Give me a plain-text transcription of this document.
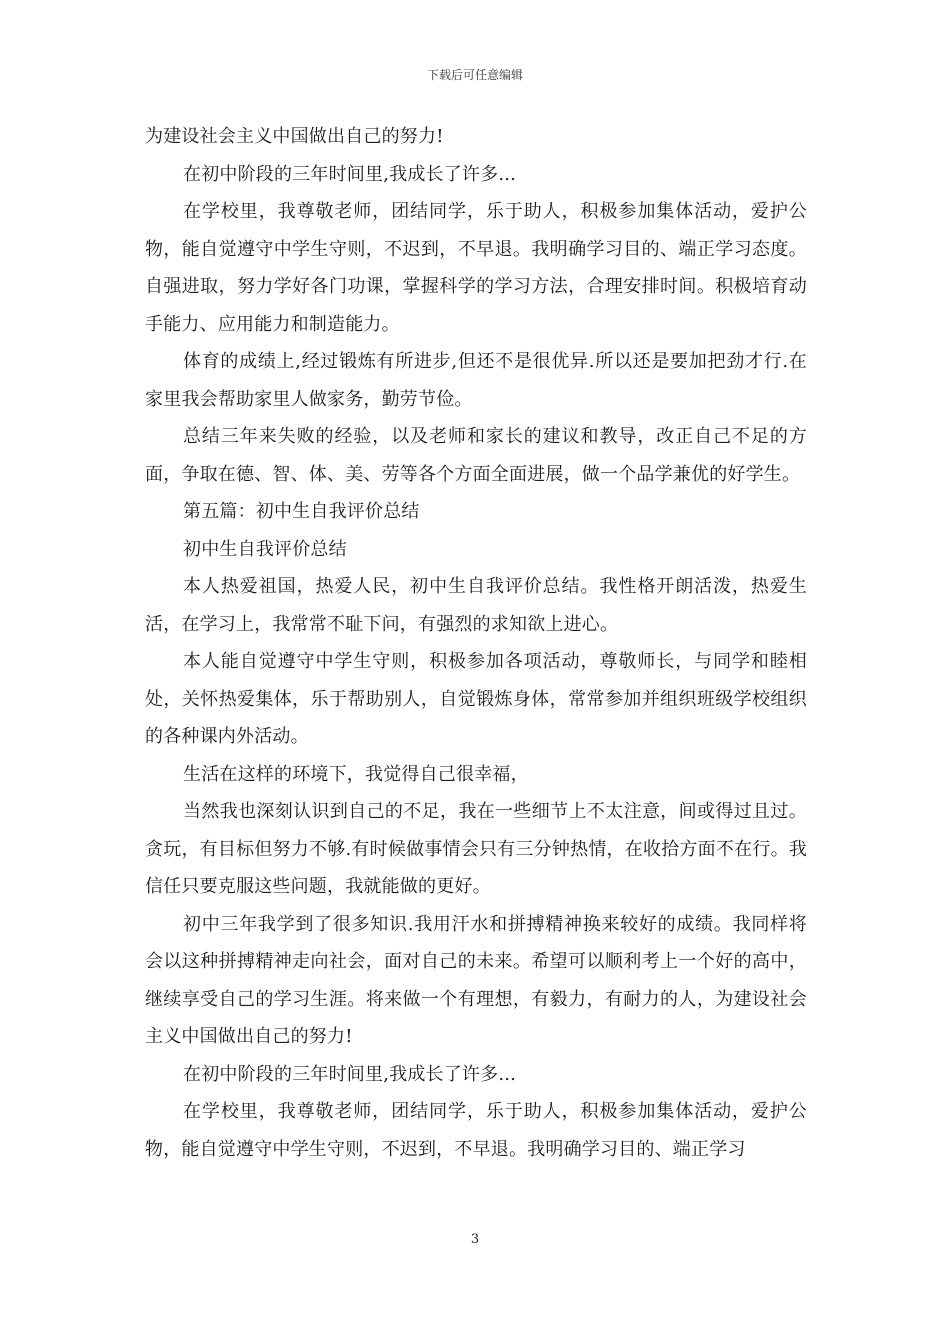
下载后可任意编辑

为建设社会主义中国做出自己的努力!

在初中阶段的三年时间里,我成长了许多...

在学校里，我尊敬老师，团结同学，乐于助人，积极参加集体活动，爱护公物，能自觉遵守中学生守则，不迟到，不早退。我明确学习目的、端正学习态度。自强进取，努力学好各门功课，掌握科学的学习方法，合理安排时间。积极培育动手能力、应用能力和制造能力。

体育的成绩上,经过锻炼有所进步,但还不是很优异.所以还是要加把劲才行.在家里我会帮助家里人做家务，勤劳节俭。

总结三年来失败的经验，以及老师和家长的建议和教导，改正自己不足的方面，争取在德、智、体、美、劳等各个方面全面进展，做一个品学兼优的好学生。

第五篇：初中生自我评价总结

初中生自我评价总结

本人热爱祖国，热爱人民，初中生自我评价总结。我性格开朗活泼，热爱生活，在学习上，我常常不耻下问，有强烈的求知欲上进心。

本人能自觉遵守中学生守则，积极参加各项活动，尊敬师长，与同学和睦相处，关怀热爱集体，乐于帮助别人，自觉锻炼身体，常常参加并组织班级学校组织的各种课内外活动。

生活在这样的环境下，我觉得自己很幸福，

当然我也深刻认识到自己的不足，我在一些细节上不太注意，间或得过且过。贪玩，有目标但努力不够.有时候做事情会只有三分钟热情，在收拾方面不在行。我信任只要克服这些问题，我就能做的更好。

初中三年我学到了很多知识.我用汗水和拼搏精神换来较好的成绩。我同样将会以这种拼搏精神走向社会，面对自己的未来。希望可以顺利考上一个好的高中，继续享受自己的学习生涯。将来做一个有理想，有毅力，有耐力的人，为建设社会主义中国做出自己的努力!

在初中阶段的三年时间里,我成长了许多...

在学校里，我尊敬老师，团结同学，乐于助人，积极参加集体活动，爱护公物，能自觉遵守中学生守则，不迟到，不早退。我明确学习目的、端正学习

3
